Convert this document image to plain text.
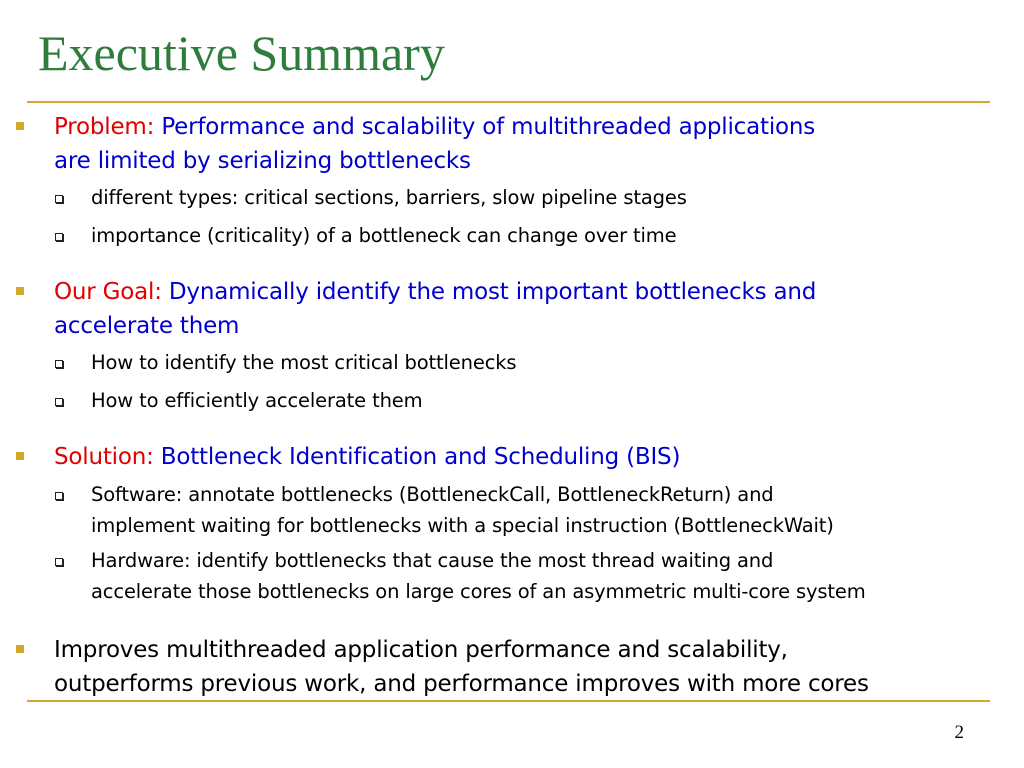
Executive Summary
Problem: Performance and scalability of multithreaded applications
are limited by serializing bottlenecks
different types: critical sections, barriers, slow pipeline stages
importance (criticality) of a bottleneck can change over time
Our Goal: Dynamically identify the most important bottlenecks and
accelerate them
How to identify the most critical bottlenecks
How to efficiently accelerate them
Solution: Bottleneck Identification and Scheduling (BIS)
Software: annotate bottlenecks (BottleneckCall, BottleneckReturn) and
implement waiting for bottlenecks with a special instruction (BottleneckWait)
Hardware: identify bottlenecks that cause the most thread waiting and
accelerate those bottlenecks on large cores of an asymmetric multi-core system
Improves multithreaded application performance and scalability,
outperforms previous work, and performance improves with more cores
2
